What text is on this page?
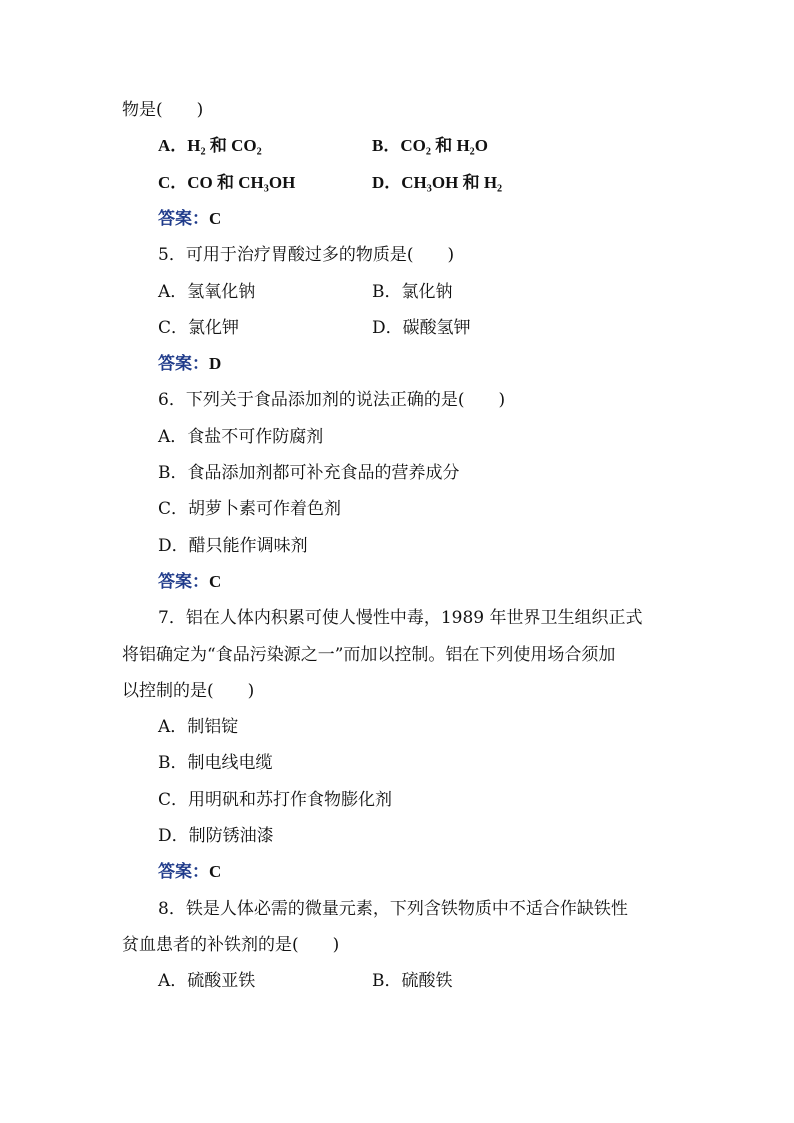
物是(　　)
A．H₂ 和 CO₂	B．CO₂ 和 H₂O
C．CO 和 CH₃OH	D．CH₃OH 和 H₂
答案：C
5．可用于治疗胃酸过多的物质是(　　)
A．氢氧化钠	B．氯化钠
C．氯化钾	D．碳酸氢钾
答案：D
6．下列关于食品添加剂的说法正确的是(　　)
A．食盐不可作防腐剂
B．食品添加剂都可补充食品的营养成分
C．胡萝卜素可作着色剂
D．醋只能作调味剂
答案：C
7．铝在人体内积累可使人慢性中毒，1989 年世界卫生组织正式
将铝确定为“食品污染源之一”而加以控制。铝在下列使用场合须加
以控制的是(　　)
A．制铝锭
B．制电线电缆
C．用明矾和苏打作食物膨化剂
D．制防锈油漆
答案：C
8．铁是人体必需的微量元素，下列含铁物质中不适合作缺铁性
贫血患者的补铁剂的是(　　)
A．硫酸亚铁	B．硫酸铁
